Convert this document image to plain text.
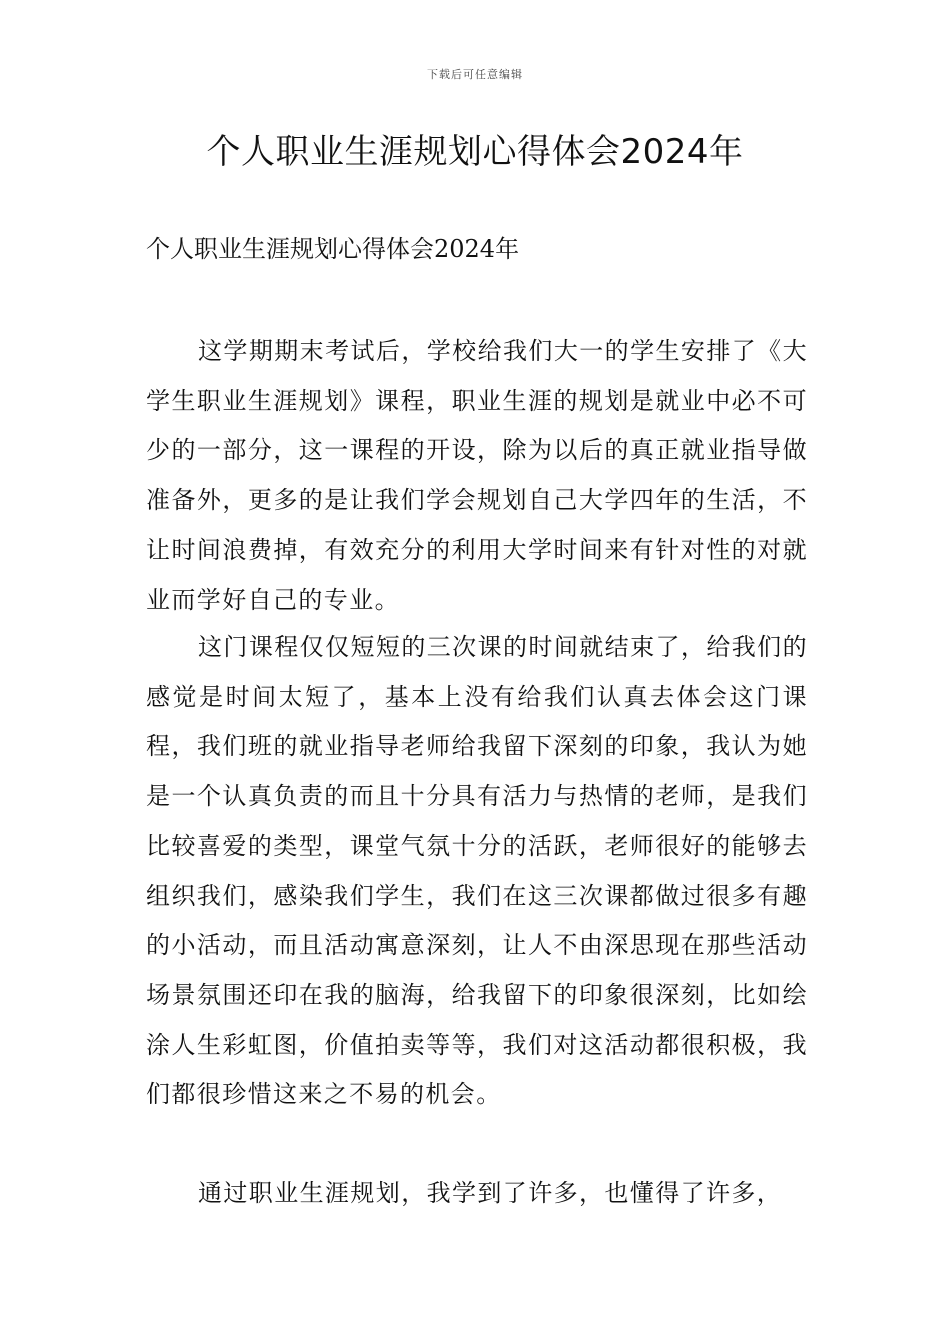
下载后可任意编辑
个人职业生涯规划心得体会2024年
个人职业生涯规划心得体会2024年

这学期期末考试后，学校给我们大一的学生安排了《大学生职业生涯规划》课程，职业生涯的规划是就业中必不可少的一部分，这一课程的开设，除为以后的真正就业指导做准备外，更多的是让我们学会规划自己大学四年的生活，不让时间浪费掉，有效充分的利用大学时间来有针对性的对就业而学好自己的专业。

这门课程仅仅短短的三次课的时间就结束了，给我们的感觉是时间太短了，基本上没有给我们认真去体会这门课程，我们班的就业指导老师给我留下深刻的印象，我认为她是一个认真负责的而且十分具有活力与热情的老师，是我们比较喜爱的类型，课堂气氛十分的活跃，老师很好的能够去组织我们，感染我们学生，我们在这三次课都做过很多有趣的小活动，而且活动寓意深刻，让人不由深思现在那些活动场景氛围还印在我的脑海，给我留下的印象很深刻，比如绘涂人生彩虹图，价值拍卖等等，我们对这活动都很积极，我们都很珍惜这来之不易的机会。

通过职业生涯规划，我学到了许多，也懂得了许多，
